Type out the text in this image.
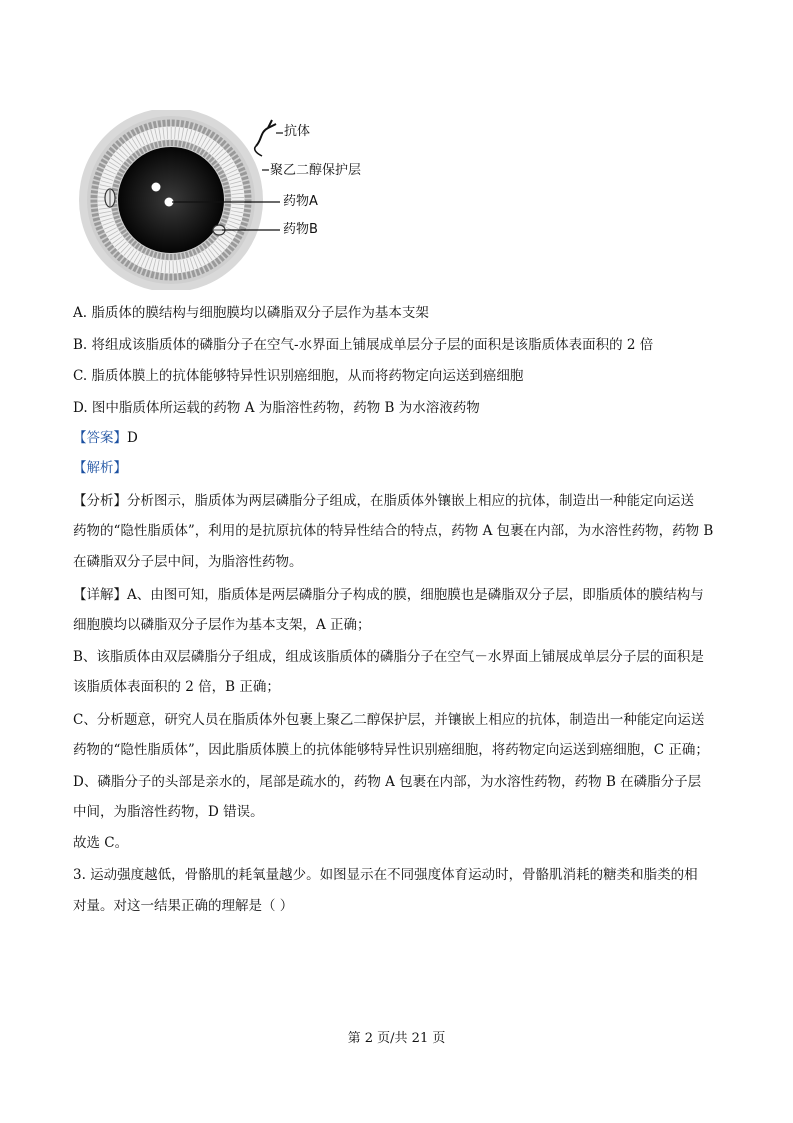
抗体
聚乙二醇保护层
药物A
药物B
A. 脂质体的膜结构与细胞膜均以磷脂双分子层作为基本支架
B. 将组成该脂质体的磷脂分子在空气-水界面上铺展成单层分子层的面积是该脂质体表面积的 2 倍
C. 脂质体膜上的抗体能够特异性识别癌细胞，从而将药物定向运送到癌细胞
D. 图中脂质体所运载的药物 A 为脂溶性药物，药物 B 为水溶液药物
【答案】D
【解析】
【分析】分析图示，脂质体为两层磷脂分子组成，在脂质体外镶嵌上相应的抗体，制造出一种能定向运送
药物的“隐性脂质体”，利用的是抗原抗体的特异性结合的特点，药物 A 包裹在内部，为水溶性药物，药物 B
在磷脂双分子层中间，为脂溶性药物。
【详解】A、由图可知，脂质体是两层磷脂分子构成的膜，细胞膜也是磷脂双分子层，即脂质体的膜结构与
细胞膜均以磷脂双分子层作为基本支架，A 正确；
B、该脂质体由双层磷脂分子组成，组成该脂质体的磷脂分子在空气－水界面上铺展成单层分子层的面积是
该脂质体表面积的 2 倍，B 正确；
C、分析题意，研究人员在脂质体外包裹上聚乙二醇保护层，并镶嵌上相应的抗体，制造出一种能定向运送
药物的“隐性脂质体”，因此脂质体膜上的抗体能够特异性识别癌细胞，将药物定向运送到癌细胞，C 正确；
D、磷脂分子的头部是亲水的，尾部是疏水的，药物 A 包裹在内部，为水溶性药物，药物 B 在磷脂分子层
中间，为脂溶性药物，D 错误。
故选 C。
3. 运动强度越低，骨骼肌的耗氧量越少。如图显示在不同强度体育运动时，骨骼肌消耗的糖类和脂类的相
对量。对这一结果正确的理解是（ ）
第 2 页/共 21 页
